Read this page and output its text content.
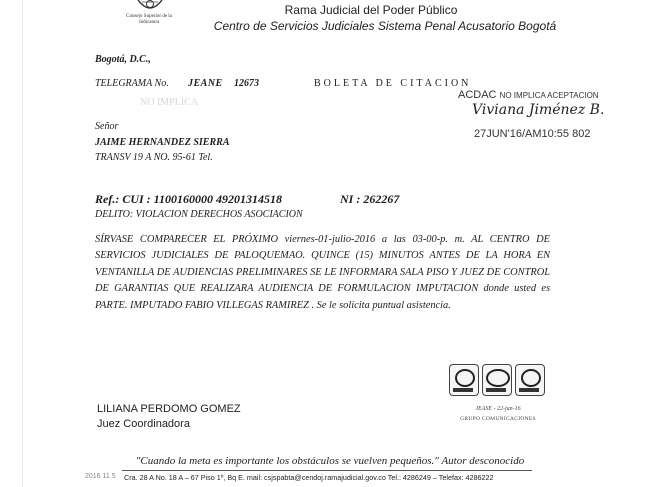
Consejo Superior de la Judicatura
Rama Judicial del Poder Público
Centro de Servicios Judiciales Sistema Penal Acusatorio Bogotá
Bogotá, D.C.,
TELEGRAMA No. JEANE 12673	BOLETA DE CITACION
NO IMPLICA
Señor
JAIME HERNANDEZ SIERRA
TRANSV 19 A NO. 95-61 Tel.
ACDAC NO IMPLICA ACEPTACION
Viviana Jiménez B.
27JUN'16/AM10:55 802
Ref.: CUI : 1100160000 49201314518	NI : 262267
DELITO: VIOLACION DERECHOS ASOCIACION
SÍRVASE COMPARECER EL PRÓXIMO viernes-01-julio-2016 a las 03-00-p. m. AL CENTRO DE SERVICIOS JUDICIALES DE PALOQUEMAO. QUINCE (15) MINUTOS ANTES DE LA HORA EN VENTANILLA DE AUDIENCIAS PRELIMINARES SE LE INFORMARA SALA PISO Y JUEZ DE CONTROL DE GARANTIAS QUE REALIZARA AUDIENCIA DE FORMULACION IMPUTACION donde usted es PARTE. IMPUTADO FABIO VILLEGAS RAMIREZ . Se le solicita puntual asistencia.
JEASE - 22-jun-16
GRUPO COMUNICACIONES
LILIANA PERDOMO GOMEZ
Juez Coordinadora
"Cuando la meta es importante los obstáculos se vuelven pequeños." Autor desconocido
2016 11 5 Cra. 28 A No. 18 A – 67 Piso 1º, Bq E. mail: csjspabta@cendoj.ramajudicial.gov.co Tel.: 4286249 – Telefax: 4286222
